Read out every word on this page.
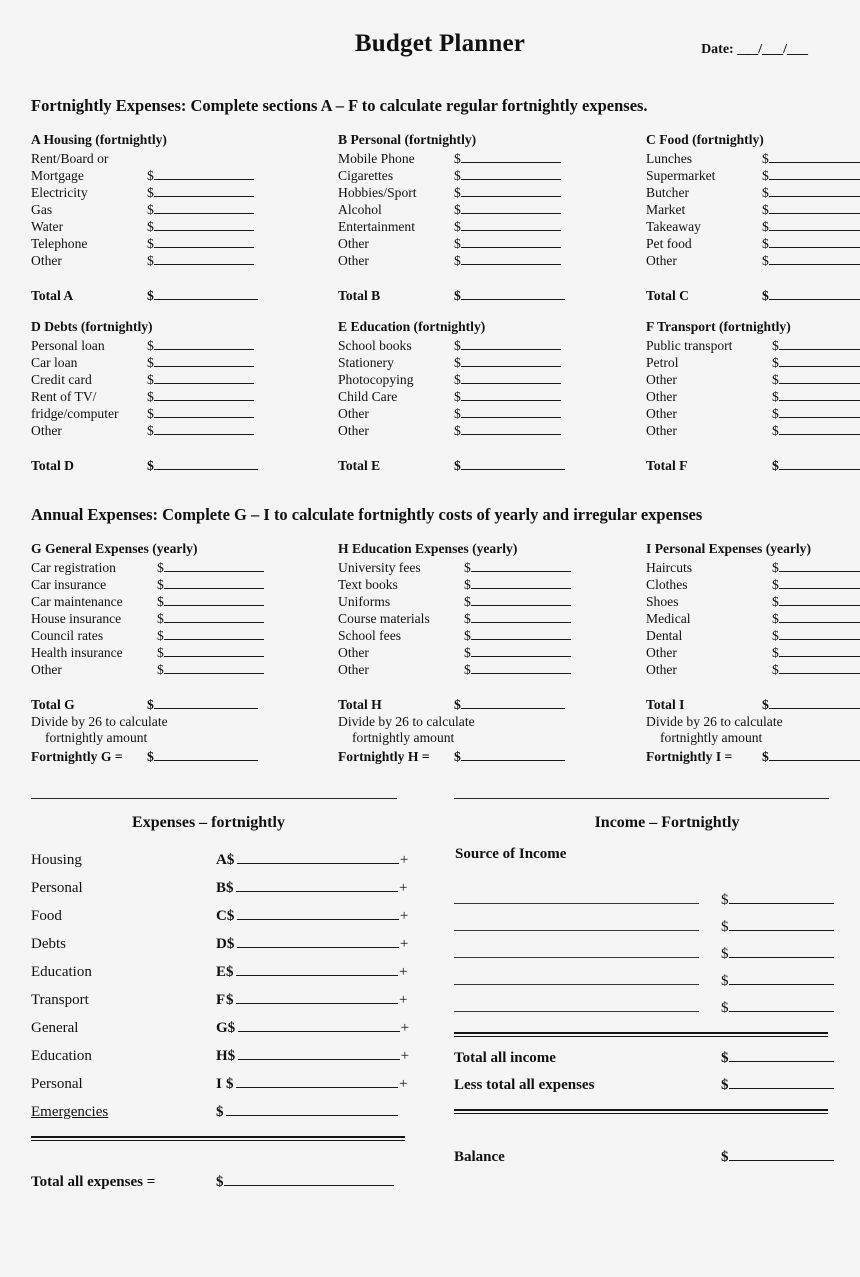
Budget Planner	Date: ___/___/___
Fortnightly Expenses: Complete sections A – F to calculate regular fortnightly expenses.
A Housing (fortnightly)
Rent/Board or
Mortgage	$
Electricity	$
Gas	$
Water	$
Telephone	$
Other	$
Total A	$
B Personal (fortnightly)
Mobile Phone	$
Cigarettes	$
Hobbies/Sport	$
Alcohol	$
Entertainment	$
Other	$
Other	$
Total B	$
C Food (fortnightly)
Lunches	$
Supermarket	$
Butcher	$
Market	$
Takeaway	$
Pet food	$
Other	$
Total C	$
D Debts (fortnightly)
Personal loan	$
Car loan	$
Credit card	$
Rent of TV/	$
fridge/computer	$
Other	$
Total D	$
E Education (fortnightly)
School books	$
Stationery	$
Photocopying	$
Child Care	$
Other	$
Other	$
Total E	$
F Transport (fortnightly)
Public transport	$
Petrol	$
Other	$
Other	$
Other	$
Other	$
Total F	$
Annual Expenses: Complete G – I to calculate fortnightly costs of yearly and irregular expenses
G General Expenses (yearly)
Car registration	$
Car insurance	$
Car maintenance	$
House insurance	$
Council rates	$
Health insurance	$
Other	$
Total G	$
Divide by 26 to calculate
fortnightly amount
Fortnightly G =	$
H Education Expenses (yearly)
University fees	$
Text books	$
Uniforms	$
Course materials	$
School fees	$
Other	$
Other	$
Total H	$
Divide by 26 to calculate
fortnightly amount
Fortnightly H =	$
I Personal Expenses (yearly)
Haircuts	$
Clothes	$
Shoes	$
Medical	$
Dental	$
Other	$
Other	$
Total I	$
Divide by 26 to calculate
fortnightly amount
Fortnightly I =	$
Expenses – fortnightly
Housing	A $	+
Personal	B $	+
Food	C $	+
Debts	D $	+
Education	E $	+
Transport	F $	+
General	G $	+
Education	H $	+
Personal	I $	+
Emergencies	$
Total all expenses =	$
Income – Fortnightly
Source of Income
$
$
$
$
$
Total all income	$
Less total all expenses	$
Balance	$
